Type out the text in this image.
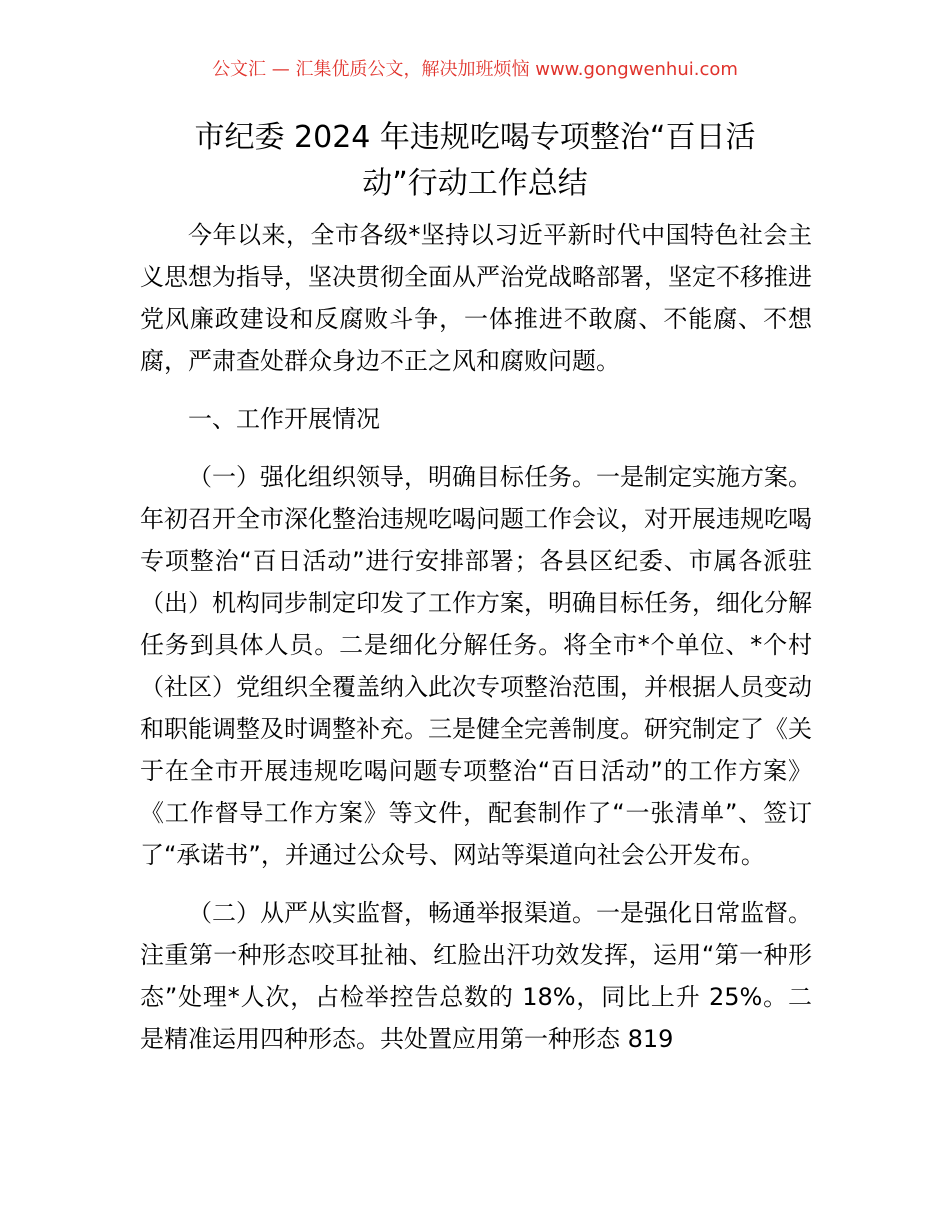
公文汇 — 汇集优质公文，解决加班烦恼 www.gongwenhui.com
市纪委 2024 年违规吃喝专项整治“百日活
动”行动工作总结

今年以来，全市各级*坚持以习近平新时代中国特色社会主义思想为指导，坚决贯彻全面从严治党战略部署，坚定不移推进党风廉政建设和反腐败斗争，一体推进不敢腐、不能腐、不想腐，严肃查处群众身边不正之风和腐败问题。

一、工作开展情况

（一）强化组织领导，明确目标任务。一是制定实施方案。年初召开全市深化整治违规吃喝问题工作会议，对开展违规吃喝专项整治“百日活动”进行安排部署；各县区纪委、市属各派驻（出）机构同步制定印发了工作方案，明确目标任务，细化分解任务到具体人员。二是细化分解任务。将全市*个单位、*个村（社区）党组织全覆盖纳入此次专项整治范围，并根据人员变动和职能调整及时调整补充。三是健全完善制度。研究制定了《关于在全市开展违规吃喝问题专项整治“百日活动”的工作方案》《工作督导工作方案》等文件，配套制作了“一张清单”、签订了“承诺书”，并通过公众号、网站等渠道向社会公开发布。

（二）从严从实监督，畅通举报渠道。一是强化日常监督。注重第一种形态咬耳扯袖、红脸出汗功效发挥，运用“第一种形态”处理*人次，占检举控告总数的 18%，同比上升 25%。二是精准运用四种形态。共处置应用第一种形态 819
